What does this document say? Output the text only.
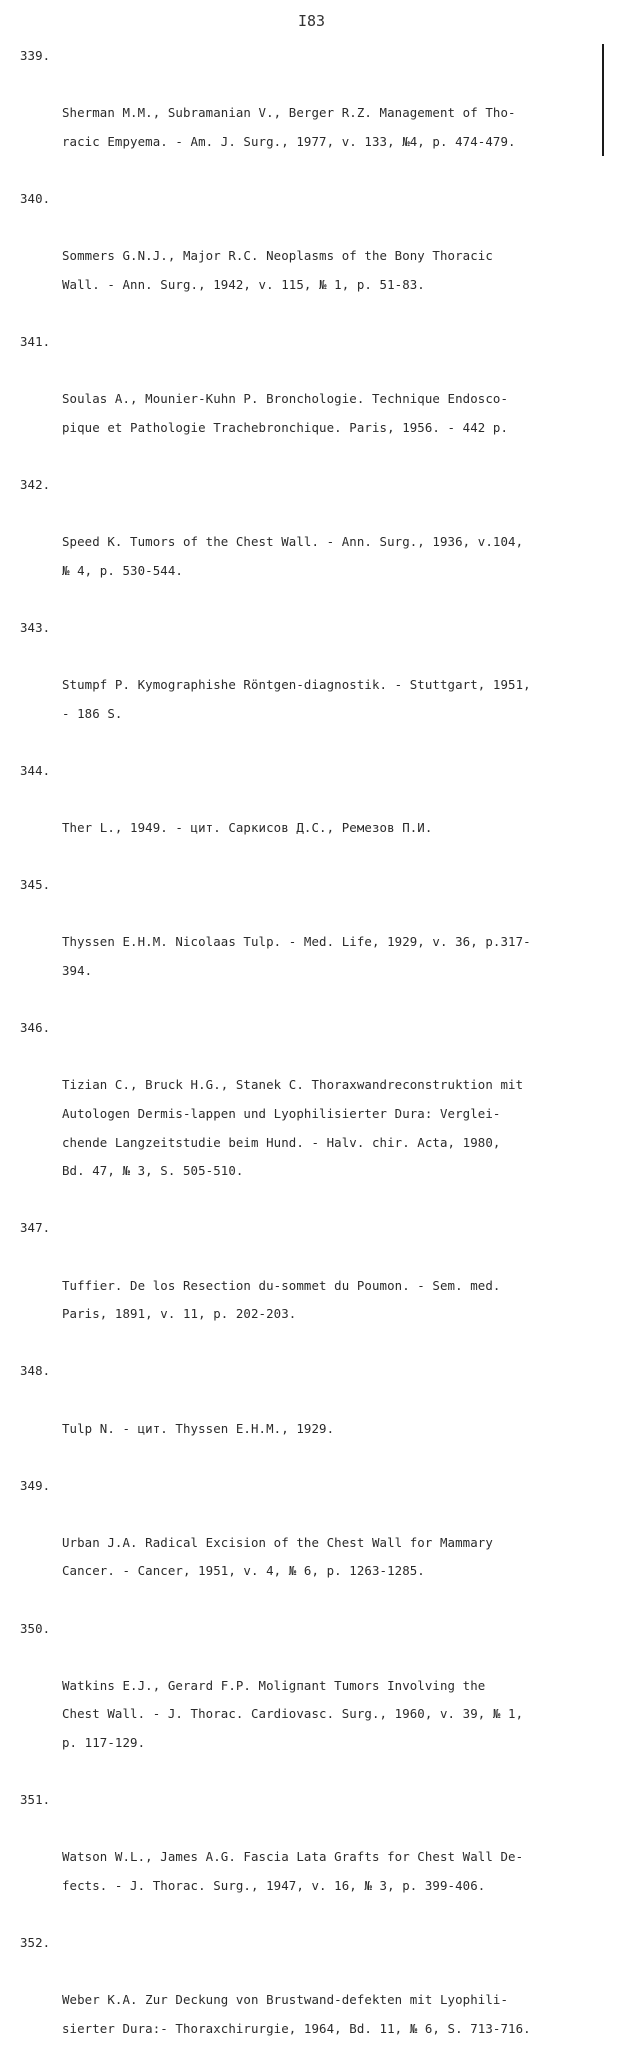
I83

339.

Sherman M.M., Subramanian V., Berger R.Z. Management of Tho-
racic Empyema. - Am. J. Surg., 1977, v. 133, №4, p. 474-479.

340.

Sommers G.N.J., Major R.C. Neoplasms of the Bony Thoracic
Wall. - Ann. Surg., 1942, v. 115, № 1, p. 51-83.

341.

Soulas A., Mounier-Kuhn P. Bronchologie. Technique Endosco-
pique et Pathologie Trachebronchique. Paris, 1956. - 442 p.

342.

Speed K. Tumors of the Chest Wall. - Ann. Surg., 1936, v.104,
№ 4, p. 530-544.

343.

Stumpf P. Kymographishe Röntgen-diagnostik. - Stuttgart, 1951,
- 186 S.

344.

Ther L., 1949. - цит. Саркисов Д.С., Ремезов П.И.

345.

Thyssen E.H.M. Nicolaas Tulp. - Med. Life, 1929, v. 36, p.317-
394.

346.

Tizian C., Bruck H.G., Stanek C. Thoraxwandreconstruktion mit
Autologen Dermis-lappen und Lyophilisierter Dura: Verglei-
chende Langzeitstudie beim Hund. - Halv. chir. Acta, 1980,
Bd. 47, № 3, S. 505-510.

347.

Tuffier. De los Resection du-sommet du Poumon. - Sem. med.
Paris, 1891, v. 11, p. 202-203.

348.

Tulp N. - цит. Thyssen E.H.M., 1929.

349.

Urban J.A. Radical Excision of the Chest Wall for Mammary
Cancer. - Cancer, 1951, v. 4, № 6, p. 1263-1285.

350.

Watkins E.J., Gerard F.P. Moligпant Tumors Involving the
Chest Wall. - J. Thorac. Cardiovasc. Surg., 1960, v. 39, № 1,
p. 117-129.

351.

Watson W.L., James A.G. Fascia Lata Grafts for Chest Wall De-
fects. - J. Thorac. Surg., 1947, v. 16, № 3, p. 399-406.

352.

Weber K.A. Zur Deckung von Brustwand-defekten mit Lyophili-
sierter Dura:- Thoraxchirurgie, 1964, Bd. 11, № 6, S. 713-716.
